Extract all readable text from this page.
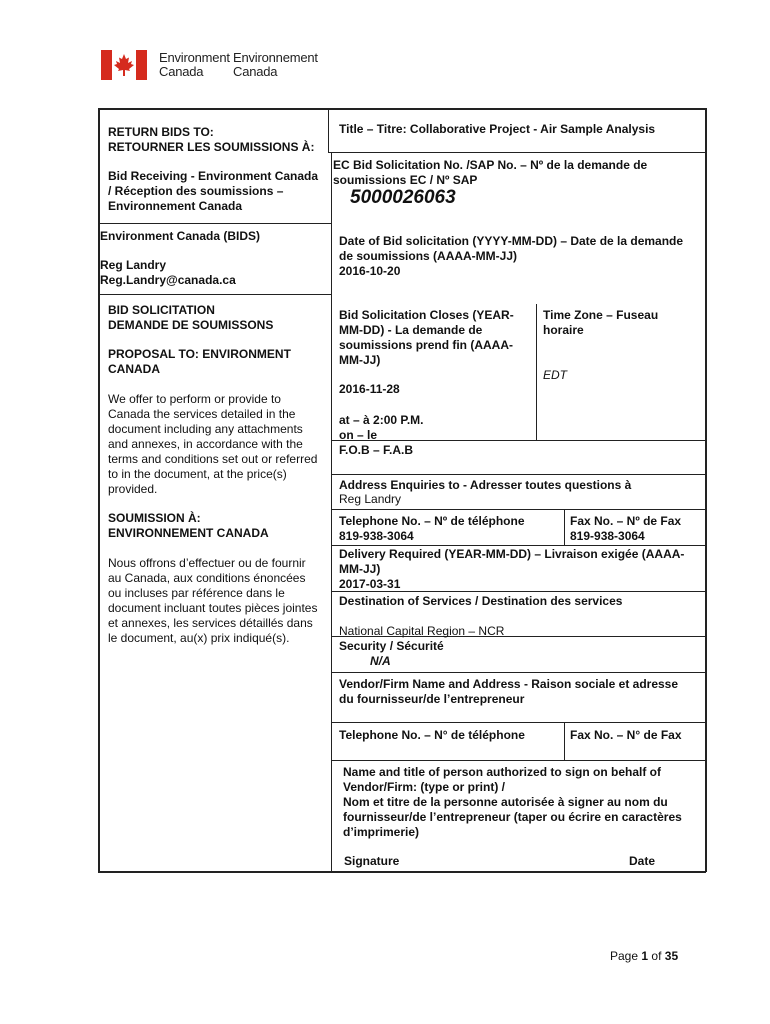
Environment
Canada
Environnement
Canada
RETURN BIDS TO:
RETOURNER LES SOUMISSIONS À:
Bid Receiving - Environment Canada
/ Réception des soumissions –
Environnement Canada
Environment Canada (BIDS)
Reg Landry
Reg.Landry@canada.ca
BID SOLICITATION
DEMANDE DE SOUMISSONS
PROPOSAL TO: ENVIRONMENT
CANADA
We offer to perform or provide to
Canada the services detailed in the
document including any attachments
and annexes, in accordance with the
terms and conditions set out or referred
to in the document, at the price(s)
provided.
SOUMISSION À:
ENVIRONNEMENT CANADA
Nous offrons d’effectuer ou de fournir
au Canada, aux conditions énoncées
ou incluses par référence dans le
document incluant toutes pièces jointes
et annexes, les services détaillés dans
le document, au(x) prix indiqué(s).
Title – Titre: Collaborative Project - Air Sample Analysis
EC Bid Solicitation No. /SAP No. – Nº de la demande de
soumissions EC / Nº SAP
5000026063
Date of Bid solicitation (YYYY-MM-DD) – Date de la demande
de soumissions (AAAA-MM-JJ)
2016-10-20
Bid Solicitation Closes (YEAR-
MM-DD) - La demande de
soumissions prend fin (AAAA-
MM-JJ)
2016-11-28
at – à 2:00 P.M.
on – le
Time Zone – Fuseau
horaire
EDT
F.O.B – F.A.B
Address Enquiries to - Adresser toutes questions à
Reg Landry
Telephone No. – Nº de téléphone
819-938-3064
Fax No. – Nº de Fax
819-938-3064
Delivery Required (YEAR-MM-DD) – Livraison exigée (AAAA-
MM-JJ)
2017-03-31
Destination of Services / Destination des services
National Capital Region – NCR
Security / Sécurité
N/A
Vendor/Firm Name and Address - Raison sociale et adresse
du fournisseur/de l’entrepreneur
Telephone No. – N° de téléphone	Fax No. – N° de Fax
Name and title of person authorized to sign on behalf of
Vendor/Firm: (type or print) /
Nom et titre de la personne autorisée à signer au nom du
fournisseur/de l’entrepreneur (taper ou écrire en caractères
d’imprimerie)
Signature	Date
Page 1 of 35
